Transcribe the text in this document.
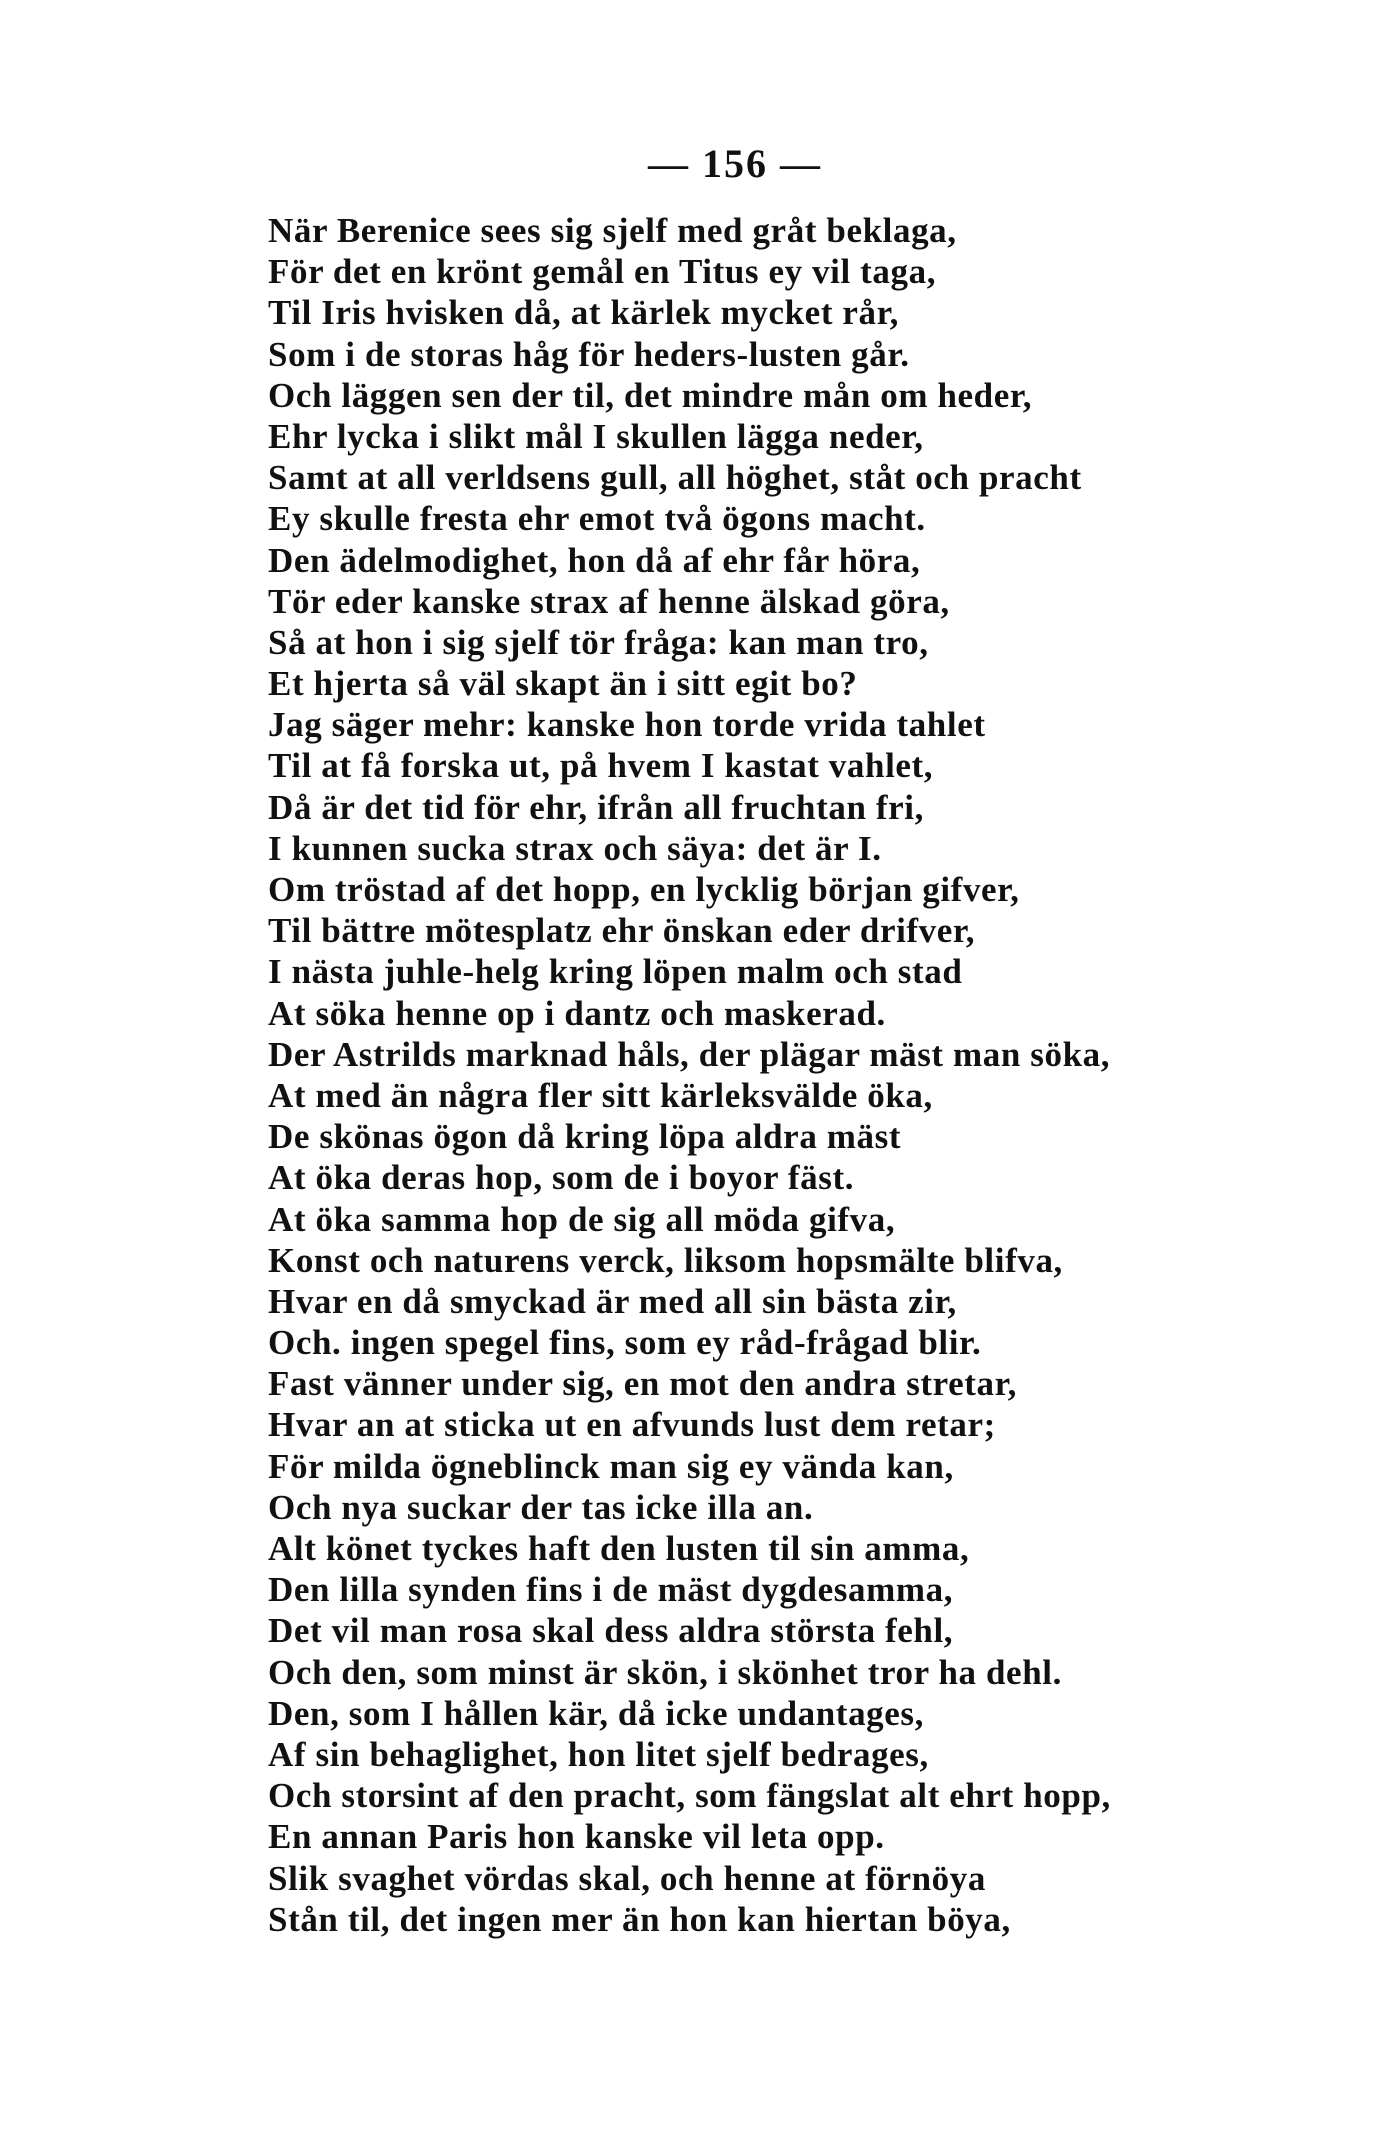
— 156 —
När Berenice sees sig sjelf med gråt beklaga,
För det en krönt gemål en Titus ey vil taga,
Til Iris hvisken då, at kärlek mycket rår,
Som i de storas håg för heders-lusten går.
Och läggen sen der til, det mindre mån om heder,
Ehr lycka i slikt mål I skullen lägga neder,
Samt at all verldsens gull, all höghet, ståt och pracht
Ey skulle fresta ehr emot två ögons macht.
Den ädelmodighet, hon då af ehr får höra,
Tör eder kanske strax af henne älskad göra,
Så at hon i sig sjelf tör fråga: kan man tro,
Et hjerta så väl skapt än i sitt egit bo?
Jag säger mehr: kanske hon torde vrida tahlet
Til at få forska ut, på hvem I kastat vahlet,
Då är det tid för ehr, ifrån all fruchtan fri,
I kunnen sucka strax och säya: det är I.
Om tröstad af det hopp, en lycklig början gifver,
Til bättre mötesplatz ehr önskan eder drifver,
I nästa juhle-helg kring löpen malm och stad
At söka henne op i dantz och maskerad.
Der Astrilds marknad håls, der plägar mäst man söka,
At med än några fler sitt kärleksvälde öka,
De skönas ögon då kring löpa aldra mäst
At öka deras hop, som de i boyor fäst.
At öka samma hop de sig all möda gifva,
Konst och naturens verck, liksom hopsmälte blifva,
Hvar en då smyckad är med all sin bästa zir,
Och. ingen spegel fins, som ey råd-frågad blir.
Fast vänner under sig, en mot den andra stretar,
Hvar an at sticka ut en afvunds lust dem retar;
För milda ögneblinck man sig ey vända kan,
Och nya suckar der tas icke illa an.
Alt könet tyckes haft den lusten til sin amma,
Den lilla synden fins i de mäst dygdesamma,
Det vil man rosa skal dess aldra största fehl,
Och den, som minst är skön, i skönhet tror ha dehl.
Den, som I hållen kär, då icke undantages,
Af sin behaglighet, hon litet sjelf bedrages,
Och storsint af den pracht, som fängslat alt ehrt hopp,
En annan Paris hon kanske vil leta opp.
Slik svaghet vördas skal, och henne at förnöya
Stån til, det ingen mer än hon kan hiertan böya,
